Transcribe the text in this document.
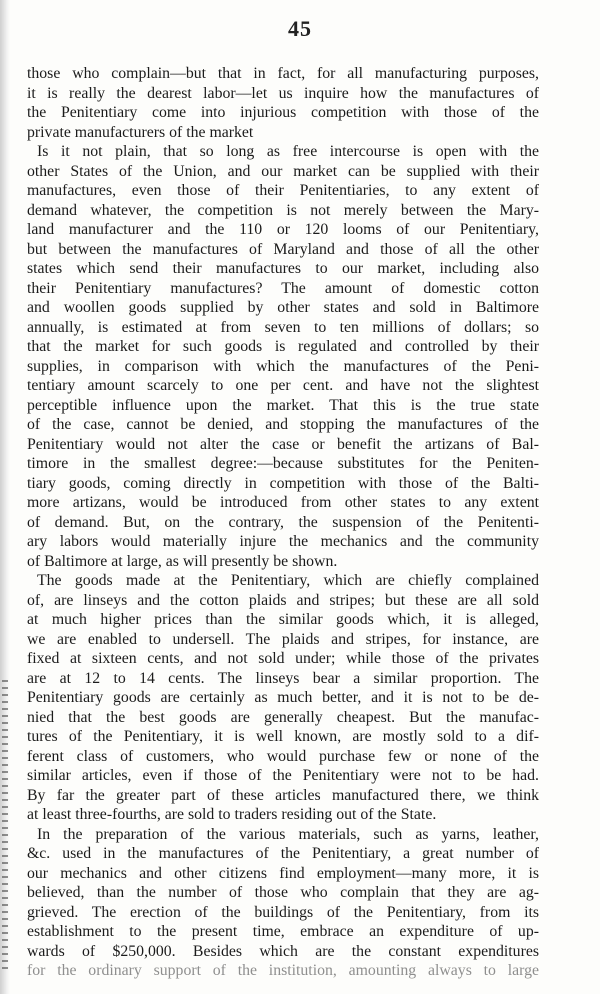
45
those who complain—but that in fact, for all manufacturing purposes,
it is really the dearest labor—let us inquire how the manufactures of
the Penitentiary come into injurious competition with those of the
private manufacturers of the market
Is it not plain, that so long as free intercourse is open with the
other States of the Union, and our market can be supplied with their
manufactures, even those of their Penitentiaries, to any extent of
demand whatever, the competition is not merely between the Mary-
land manufacturer and the 110 or 120 looms of our Penitentiary,
but between the manufactures of Maryland and those of all the other
states which send their manufactures to our market, including also
their Penitentiary manufactures? The amount of domestic cotton
and woollen goods supplied by other states and sold in Baltimore
annually, is estimated at from seven to ten millions of dollars; so
that the market for such goods is regulated and controlled by their
supplies, in comparison with which the manufactures of the Peni-
tentiary amount scarcely to one per cent. and have not the slightest
perceptible influence upon the market. That this is the true state
of the case, cannot be denied, and stopping the manufactures of the
Penitentiary would not alter the case or benefit the artizans of Bal-
timore in the smallest degree:—because substitutes for the Peniten-
tiary goods, coming directly in competition with those of the Balti-
more artizans, would be introduced from other states to any extent
of demand. But, on the contrary, the suspension of the Penitenti-
ary labors would materially injure the mechanics and the community
of Baltimore at large, as will presently be shown.
The goods made at the Penitentiary, which are chiefly complained
of, are linseys and the cotton plaids and stripes; but these are all sold
at much higher prices than the similar goods which, it is alleged,
we are enabled to undersell. The plaids and stripes, for instance, are
fixed at sixteen cents, and not sold under; while those of the privates
are at 12 to 14 cents. The linseys bear a similar proportion. The
Penitentiary goods are certainly as much better, and it is not to be de-
nied that the best goods are generally cheapest. But the manufac-
tures of the Penitentiary, it is well known, are mostly sold to a dif-
ferent class of customers, who would purchase few or none of the
similar articles, even if those of the Penitentiary were not to be had.
By far the greater part of these articles manufactured there, we think
at least three-fourths, are sold to traders residing out of the State.
In the preparation of the various materials, such as yarns, leather,
&c. used in the manufactures of the Penitentiary, a great number of
our mechanics and other citizens find employment—many more, it is
believed, than the number of those who complain that they are ag-
grieved. The erection of the buildings of the Penitentiary, from its
establishment to the present time, embrace an expenditure of up-
wards of $250,000. Besides which are the constant expenditures
for the ordinary support of the institution, amounting always to large
